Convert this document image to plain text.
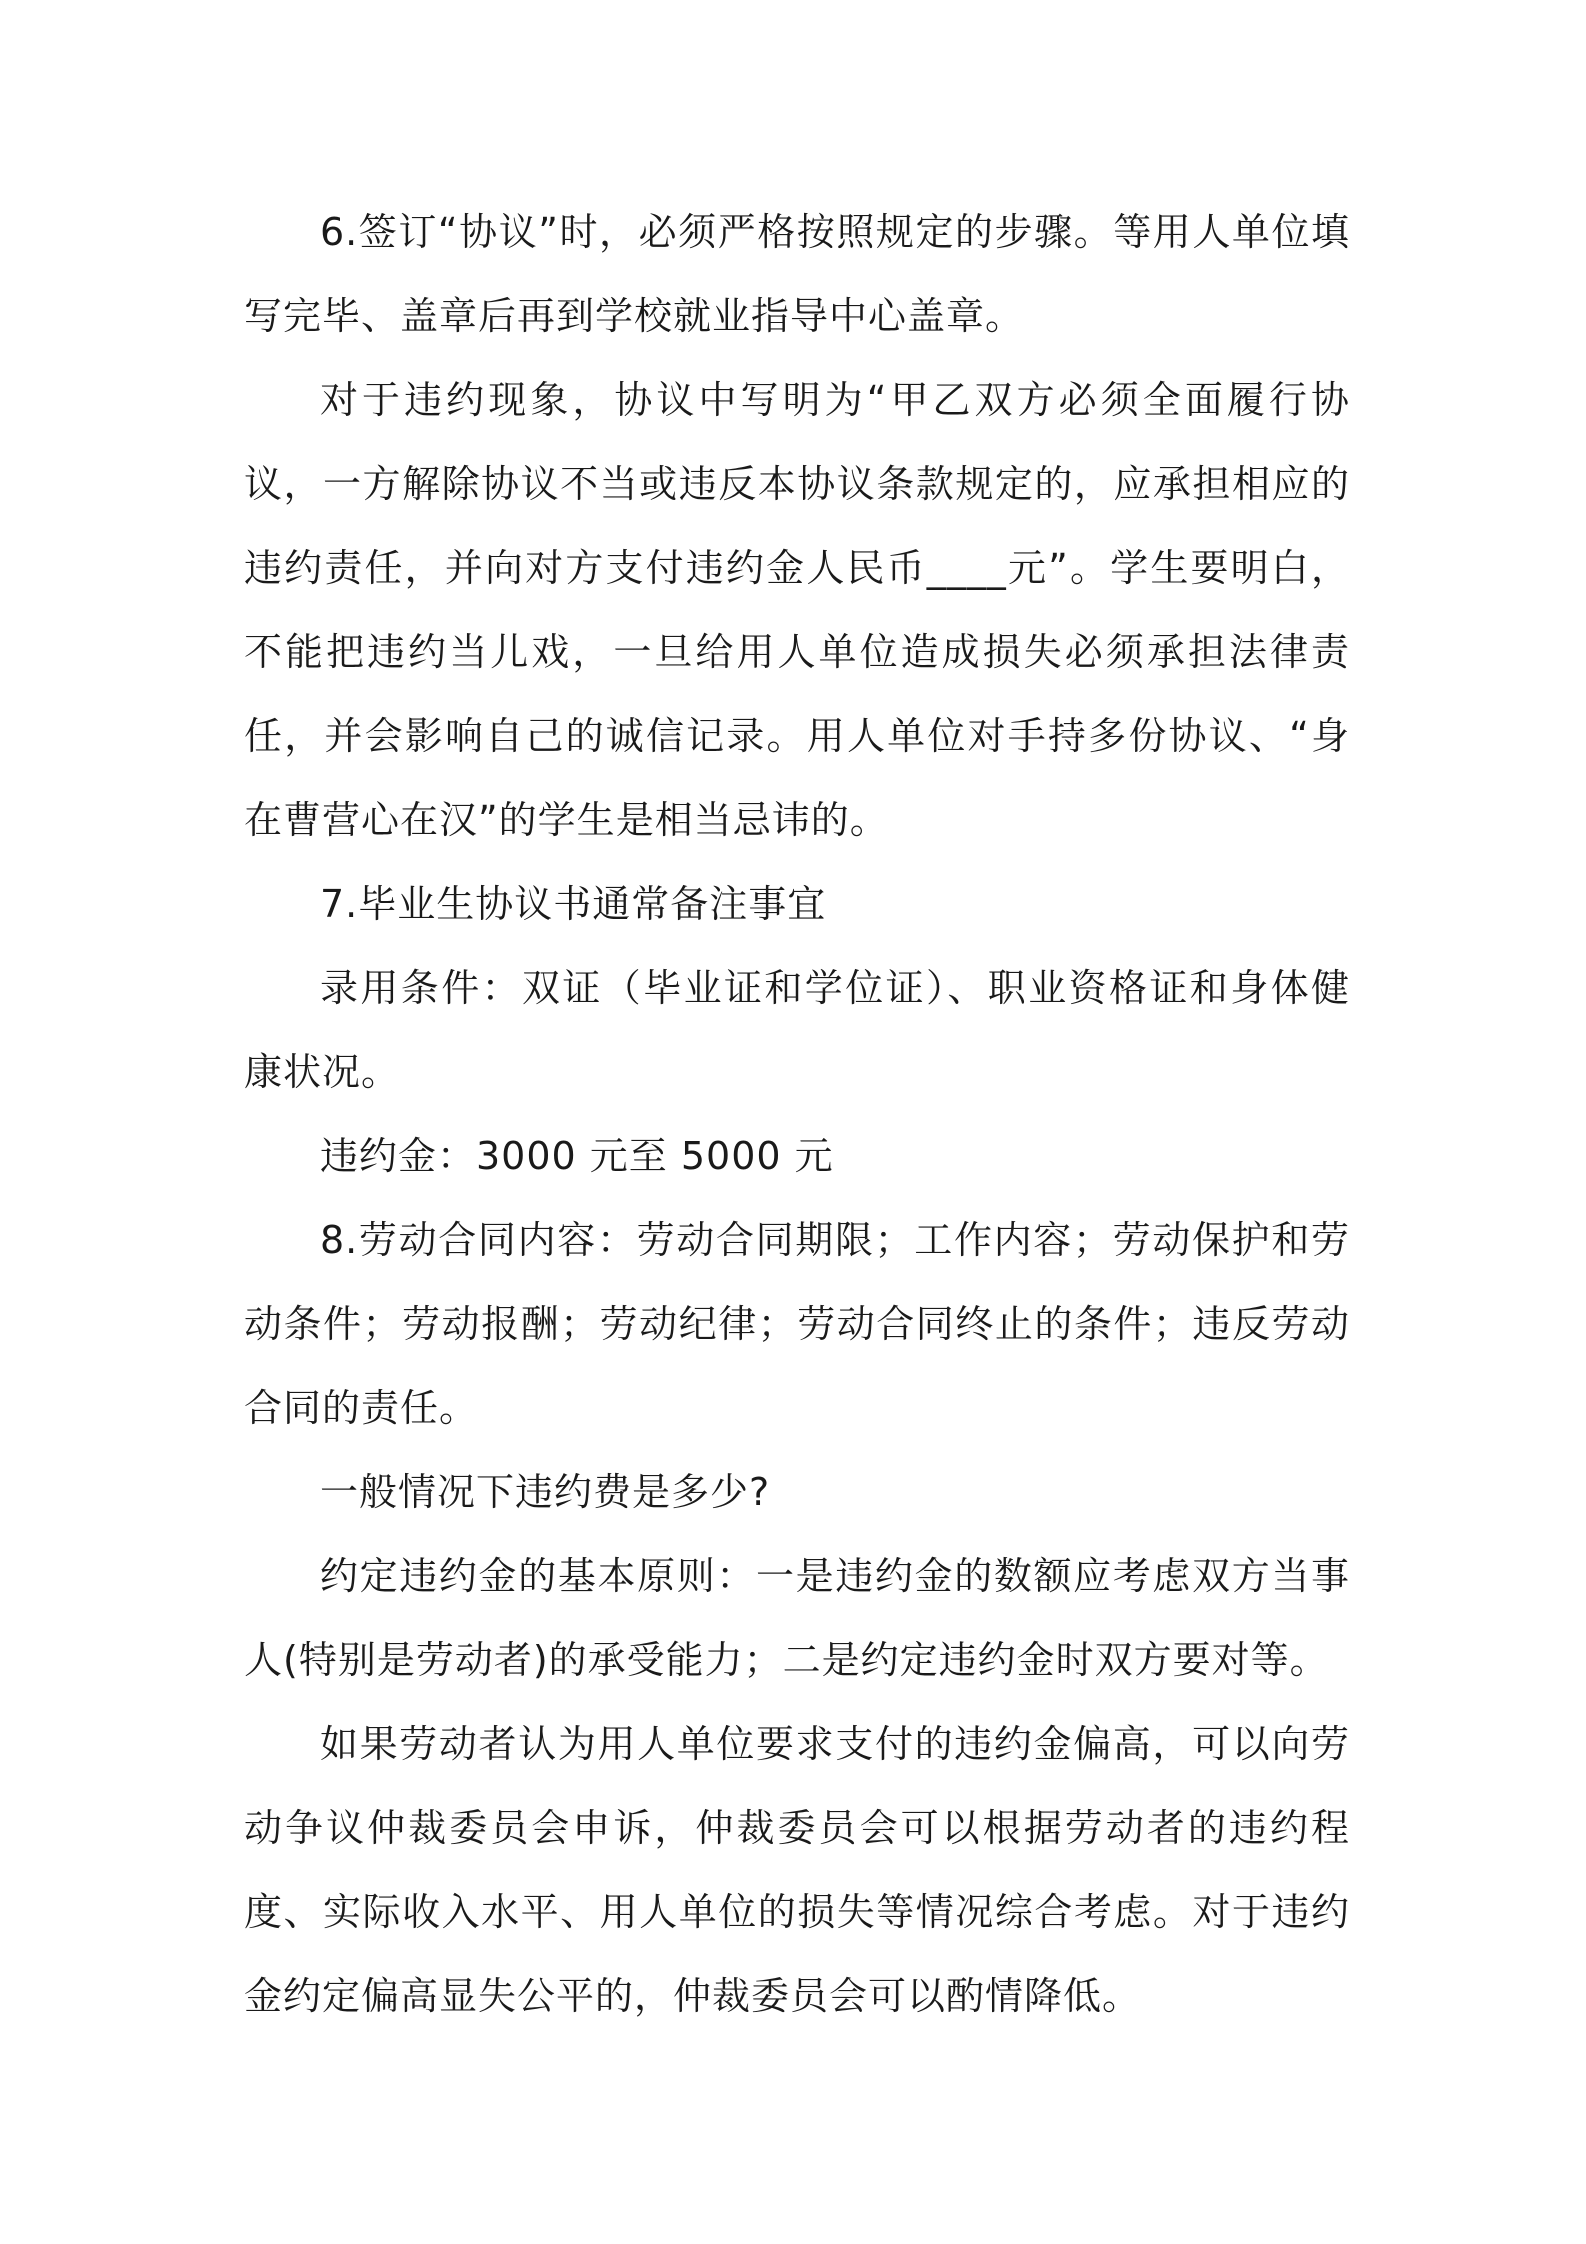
6.签订“协议”时，必须严格按照规定的步骤。等用人单位填写完毕、盖章后再到学校就业指导中心盖章。

对于违约现象，协议中写明为“甲乙双方必须全面履行协议，一方解除协议不当或违反本协议条款规定的，应承担相应的违约责任，并向对方支付违约金人民币____元”。学生要明白，不能把违约当儿戏，一旦给用人单位造成损失必须承担法律责任，并会影响自己的诚信记录。用人单位对手持多份协议、“身在曹营心在汉”的学生是相当忌讳的。

7.毕业生协议书通常备注事宜

录用条件：双证（毕业证和学位证）、职业资格证和身体健康状况。

违约金：3000 元至 5000 元

8.劳动合同内容：劳动合同期限；工作内容；劳动保护和劳动条件；劳动报酬；劳动纪律；劳动合同终止的条件；违反劳动合同的责任。

一般情况下违约费是多少?

约定违约金的基本原则：一是违约金的数额应考虑双方当事人(特别是劳动者)的承受能力；二是约定违约金时双方要对等。

如果劳动者认为用人单位要求支付的违约金偏高，可以向劳动争议仲裁委员会申诉，仲裁委员会可以根据劳动者的违约程度、实际收入水平、用人单位的损失等情况综合考虑。对于违约金约定偏高显失公平的，仲裁委员会可以酌情降低。
